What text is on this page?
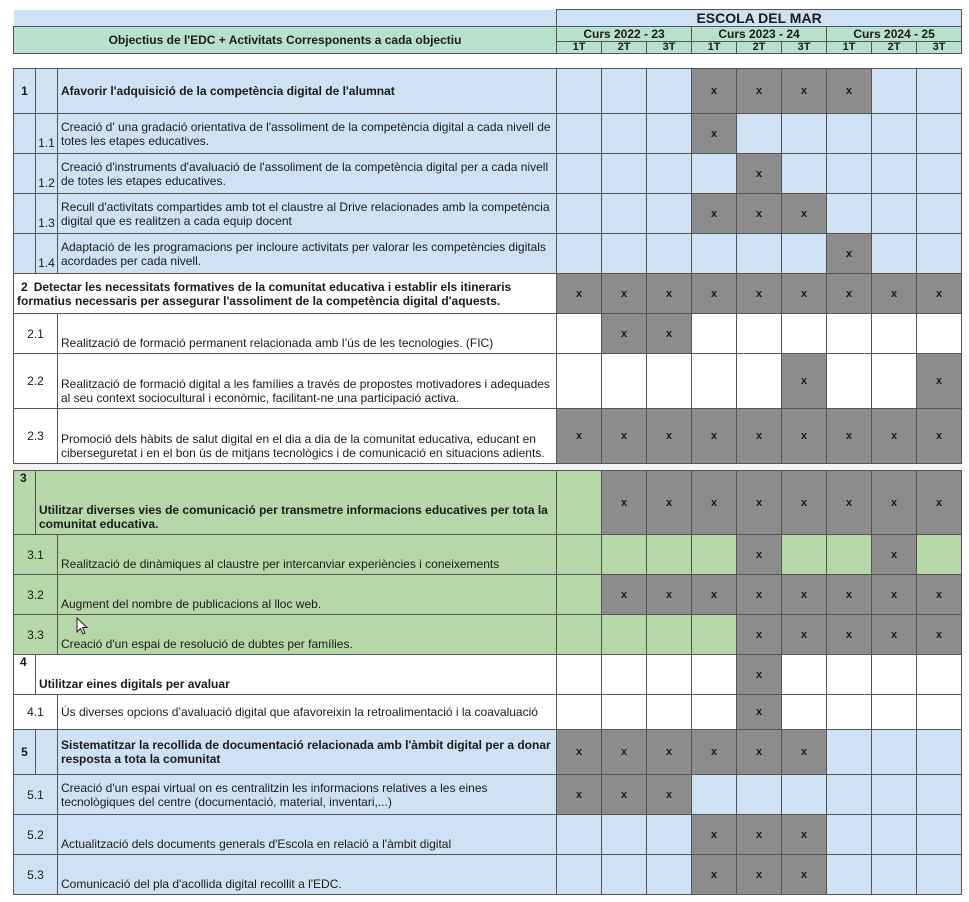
			ESCOLA DEL MAR								
Objectius de l'EDC + Activitats Corresponents a cada objectiu			Curs 2022 - 23			Curs 2023 - 24			Curs 2024 - 25		
			1T	2T	3T	1T	2T	3T	1T	2T	3T

1		Afavorir l'adquisició de la competència digital de l'alumnat				x	x	x	x		
	1.1	Creació d' una gradació orientativa de l'assoliment de la competència digital a cada nivell de totes les etapes educatives.				x					
	1.2	Creació d'instruments d'avaluació de l'assoliment de la competència digital per a cada nivell de totes les etapes educatives.					x				
	1.3	Recull d'activitats compartides amb tot el claustre al Drive relacionades amb la competència digital que es realitzen a cada equip docent				x	x	x			
	1.4	Adaptació de les programacions per incloure activitats per valorar les competències digitals acordades per cada nivell.							x		
2 Detectar les necessitats formatives de la comunitat educativa i establir els itineraris formatius necessaris per assegurar l'assoliment de la competència digital d'aquests.			x	x	x	x	x	x	x	x	x
2.1		Realització de formació permanent relacionada amb l’ús de les tecnologies. (FIC)		x	x						
2.2		Realització de formació digital a les famílies a través de propostes motivadores i adequades al seu context sociocultural i econòmic, facilitant-ne una participació activa.						x			x
2.3		Promoció dels hàbits de salut digital en el dia a dia de la comunitat educativa, educant en ciberseguretat i en el bon ús de mitjans tecnològics i de comunicació en situacions adients.	x	x	x	x	x	x	x	x	x

3	Utilitzar diverses vies de comunicació per transmetre informacions educatives per tota la comunitat educativa.			x	x	x	x	x	x	x	x
3.1		Realització de dinàmiques al claustre per intercanviar experiències i coneixements					x			x	
3.2		Augment del nombre de publicacions al lloc web.		x	x	x	x	x	x	x	x
3.3		Creació d'un espai de resolució de dubtes per famílies.					x	x	x	x	x
4	Utilitzar eines digitals per avaluar						x				
4.1		Ús diverses opcions d’avaluació digital que afavoreixin la retroalimentació i la coavaluació					x				
5		Sistematitzar la recollida de documentació relacionada amb l'àmbit digital per a donar resposta a tota la comunitat	x	x	x	x	x	x			
5.1		Creació d'un espai virtual on es centralitzin les informacions relatives a les eines tecnològiques del centre (documentació, material, inventari,...)	x	x	x						
5.2		Actualització dels documents generals d'Escola en relació a l'àmbit digital				x	x	x			
5.3		Comunicació del pla d'acollida digital recollit a l'EDC.				x	x	x			
